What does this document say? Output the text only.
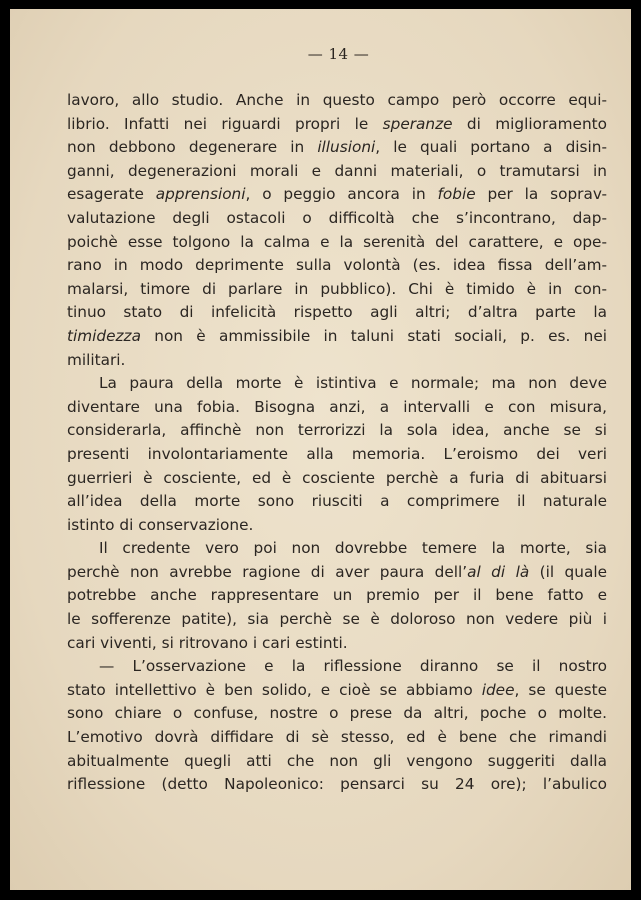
— 14 —
lavoro, allo studio. Anche in questo campo però occorre equi-
librio. Infatti nei riguardi propri le speranze di miglioramento
non debbono degenerare in illusioni, le quali portano a disin-
ganni, degenerazioni morali e danni materiali, o tramutarsi in
esagerate apprensioni, o peggio ancora in fobie per la soprav-
valutazione degli ostacoli o difficoltà che s’incontrano, dap-
poichè esse tolgono la calma e la serenità del carattere, e ope-
rano in modo deprimente sulla volontà (es. idea fissa dell’am-
malarsi, timore di parlare in pubblico). Chi è timido è in con-
tinuo stato di infelicità rispetto agli altri; d’altra parte la
timidezza non è ammissibile in taluni stati sociali, p. es. nei
militari.
La paura della morte è istintiva e normale; ma non deve
diventare una fobia. Bisogna anzi, a intervalli e con misura,
considerarla, affinchè non terrorizzi la sola idea, anche se si
presenti involontariamente alla memoria. L’eroismo dei veri
guerrieri è cosciente, ed è cosciente perchè a furia di abituarsi
all’idea della morte sono riusciti a comprimere il naturale
istinto di conservazione.
Il credente vero poi non dovrebbe temere la morte, sia
perchè non avrebbe ragione di aver paura dell’al di là (il quale
potrebbe anche rappresentare un premio per il bene fatto e
le sofferenze patite), sia perchè se è doloroso non vedere più i
cari viventi, si ritrovano i cari estinti.
— L’osservazione e la riflessione diranno se il nostro
stato intellettivo è ben solido, e cioè se abbiamo idee, se queste
sono chiare o confuse, nostre o prese da altri, poche o molte.
L’emotivo dovrà diffidare di sè stesso, ed è bene che rimandi
abitualmente quegli atti che non gli vengono suggeriti dalla
riflessione (detto Napoleonico: pensarci su 24 ore); l’abulico
